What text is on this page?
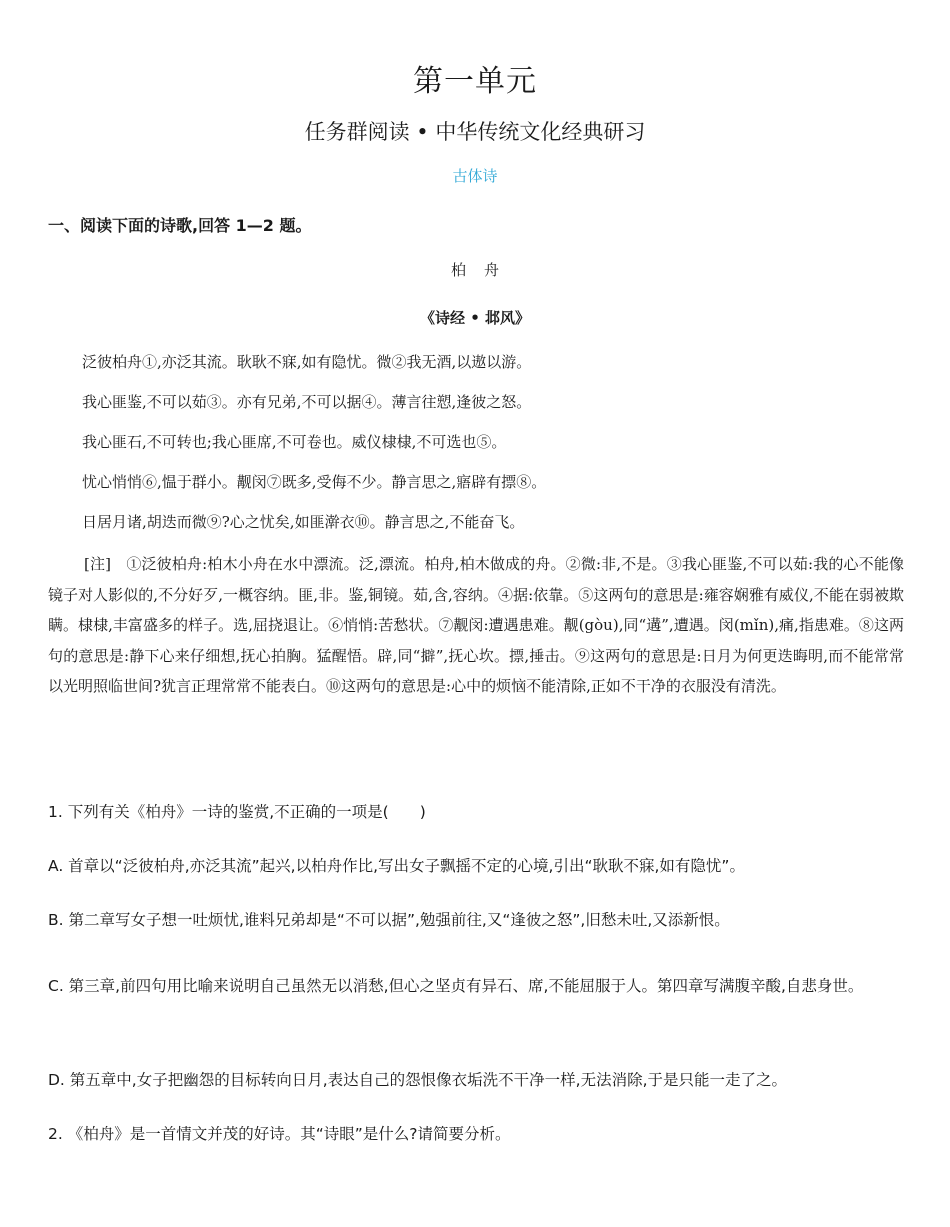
第一单元
任务群阅读 • 中华传统文化经典研习
古体诗
一、阅读下面的诗歌,回答 1—2 题。
柏舟
《诗经 • 邶风》
泛彼柏舟①,亦泛其流。耿耿不寐,如有隐忧。微②我无酒,以遨以游。
我心匪鉴,不可以茹③。亦有兄弟,不可以据④。薄言往愬,逢彼之怒。
我心匪石,不可转也;我心匪席,不可卷也。威仪棣棣,不可选也⑤。
忧心悄悄⑥,愠于群小。觏闵⑦既多,受侮不少。静言思之,寤辟有摽⑧。
日居月诸,胡迭而微⑨?心之忧矣,如匪澣衣⑩。静言思之,不能奋飞。
[注]　①泛彼柏舟:柏木小舟在水中漂流。泛,漂流。柏舟,柏木做成的舟。②微:非,不是。③我心匪鉴,不可以茹:我的心不能像镜子对人影似的,不分好歹,一概容纳。匪,非。鉴,铜镜。茹,含,容纳。④据:依靠。⑤这两句的意思是:雍容娴雅有威仪,不能在弱被欺瞒。棣棣,丰富盛多的样子。选,屈挠退让。⑥悄悄:苦愁状。⑦觏闵:遭遇患难。觏(gòu),同“遘”,遭遇。闵(mǐn),痛,指患难。⑧这两句的意思是:静下心来仔细想,抚心拍胸。猛醒悟。辟,同“擗”,抚心坎。摽,捶击。⑨这两句的意思是:日月为何更迭晦明,而不能常常以光明照临世间?犹言正理常常不能表白。⑩这两句的意思是:心中的烦恼不能清除,正如不干净的衣服没有清洗。
1. 下列有关《柏舟》一诗的鉴赏,不正确的一项是(　　)
A. 首章以“泛彼柏舟,亦泛其流”起兴,以柏舟作比,写出女子飘摇不定的心境,引出“耿耿不寐,如有隐忧”。
B. 第二章写女子想一吐烦忧,谁料兄弟却是“不可以据”,勉强前往,又“逢彼之怒”,旧愁未吐,又添新恨。
C. 第三章,前四句用比喻来说明自己虽然无以消愁,但心之坚贞有异石、席,不能屈服于人。第四章写满腹辛酸,自悲身世。
D. 第五章中,女子把幽怨的目标转向日月,表达自己的怨恨像衣垢洗不干净一样,无法消除,于是只能一走了之。
2. 《柏舟》是一首情文并茂的好诗。其“诗眼”是什么?请简要分析。
